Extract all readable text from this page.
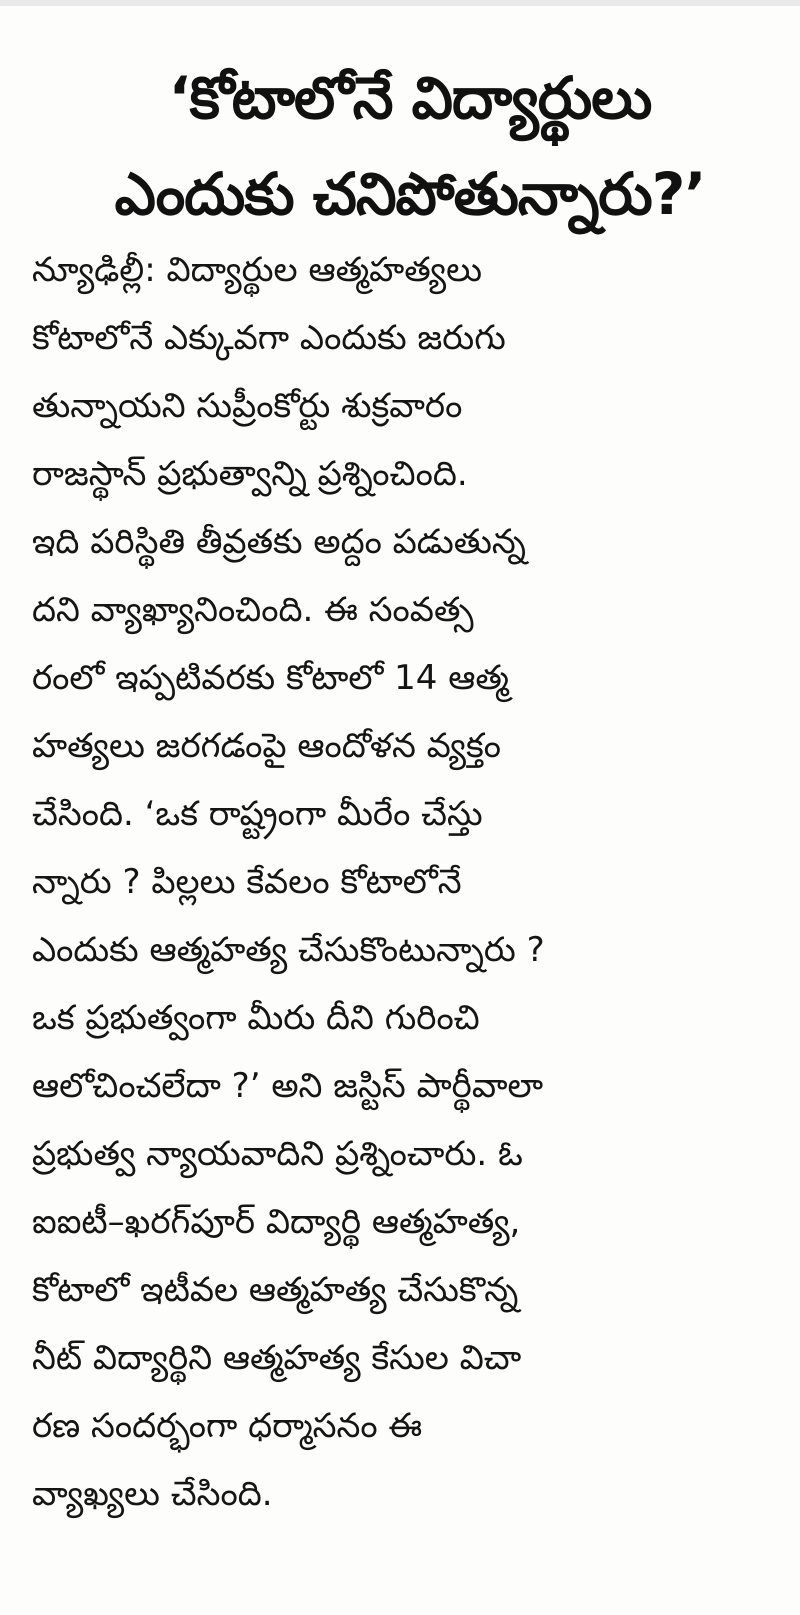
‘కోటాలోనే విద్యార్థులు
ఎందుకు చనిపోతున్నారు?’
న్యూఢిల్లీ: విద్యార్థుల ఆత్మహత్యలు
కోటాలోనే ఎక్కువగా ఎందుకు జరుగు
తున్నాయని సుప్రీంకోర్టు శుక్రవారం
రాజస్థాన్ ప్రభుత్వాన్ని ప్రశ్నించింది.
ఇది పరిస్థితి తీవ్రతకు అద్దం పడుతున్న
దని వ్యాఖ్యానించింది. ఈ సంవత్స
రంలో ఇప్పటివరకు కోటాలో 14 ఆత్మ
హత్యలు జరగడంపై ఆందోళన వ్యక్తం
చేసింది. ‘ఒక రాష్ట్రంగా మీరేం చేస్తు
న్నారు ? పిల్లలు కేవలం కోటాలోనే
ఎందుకు ఆత్మహత్య చేసుకొంటున్నారు ?
ఒక ప్రభుత్వంగా మీరు దీని గురించి
ఆలోచించలేదా ?’ అని జస్టిస్ పార్థీవాలా
ప్రభుత్వ న్యాయవాదిని ప్రశ్నించారు. ఓ
ఐఐటీ–ఖరగ్‌పూర్ విద్యార్థి ఆత్మహత్య,
కోటాలో ఇటీవల ఆత్మహత్య చేసుకొన్న
నీట్ విద్యార్థిని ఆత్మహత్య కేసుల విచా
రణ సందర్భంగా ధర్మాసనం ఈ
వ్యాఖ్యలు చేసింది.
